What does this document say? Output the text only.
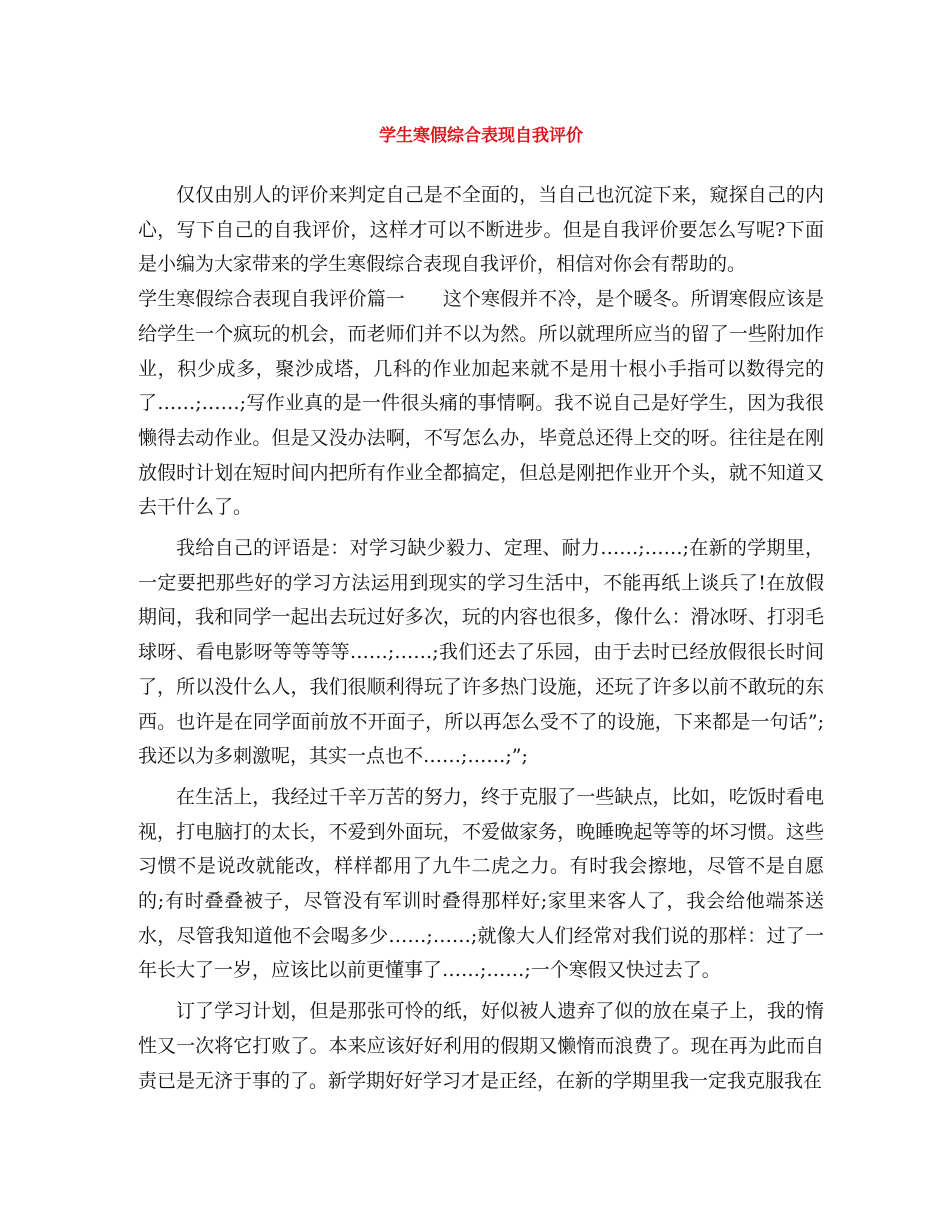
学生寒假综合表现自我评价

仅仅由别人的评价来判定自己是不全面的，当自己也沉淀下来，窥探自己的内心，写下自己的自我评价，这样才可以不断进步。但是自我评价要怎么写呢?下面是小编为大家带来的学生寒假综合表现自我评价，相信对你会有帮助的。

学生寒假综合表现自我评价篇一 这个寒假并不冷，是个暖冬。所谓寒假应该是给学生一个疯玩的机会，而老师们并不以为然。所以就理所应当的留了一些附加作业，积少成多，聚沙成塔，几科的作业加起来就不是用十根小手指可以数得完的了……;……;写作业真的是一件很头痛的事情啊。我不说自己是好学生，因为我很懒得去动作业。但是又没办法啊，不写怎么办，毕竟总还得上交的呀。往往是在刚放假时计划在短时间内把所有作业全都搞定，但总是刚把作业开个头，就不知道又去干什么了。

我给自己的评语是：对学习缺少毅力、定理、耐力……;……;在新的学期里，一定要把那些好的学习方法运用到现实的学习生活中，不能再纸上谈兵了!在放假期间，我和同学一起出去玩过好多次，玩的内容也很多，像什么：滑冰呀、打羽毛球呀、看电影呀等等等等……;……;我们还去了乐园，由于去时已经放假很长时间了，所以没什么人，我们很顺利得玩了许多热门设施，还玩了许多以前不敢玩的东西。也许是在同学面前放不开面子，所以再怎么受不了的设施，下来都是一句话”;我还以为多刺激呢，其实一点也不……;……;”;

在生活上，我经过千辛万苦的努力，终于克服了一些缺点，比如，吃饭时看电视，打电脑打的太长，不爱到外面玩，不爱做家务，晚睡晚起等等的坏习惯。这些习惯不是说改就能改，样样都用了九牛二虎之力。有时我会擦地，尽管不是自愿的;有时叠叠被子，尽管没有军训时叠得那样好;家里来客人了，我会给他端茶送水，尽管我知道他不会喝多少……;……;就像大人们经常对我们说的那样：过了一年长大了一岁，应该比以前更懂事了……;……;一个寒假又快过去了。

订了学习计划，但是那张可怜的纸，好似被人遗弃了似的放在桌子上，我的惰性又一次将它打败了。本来应该好好利用的假期又懒惰而浪费了。现在再为此而自责已是无济于事的了。新学期好好学习才是正经，在新的学期里我一定我克服我在
